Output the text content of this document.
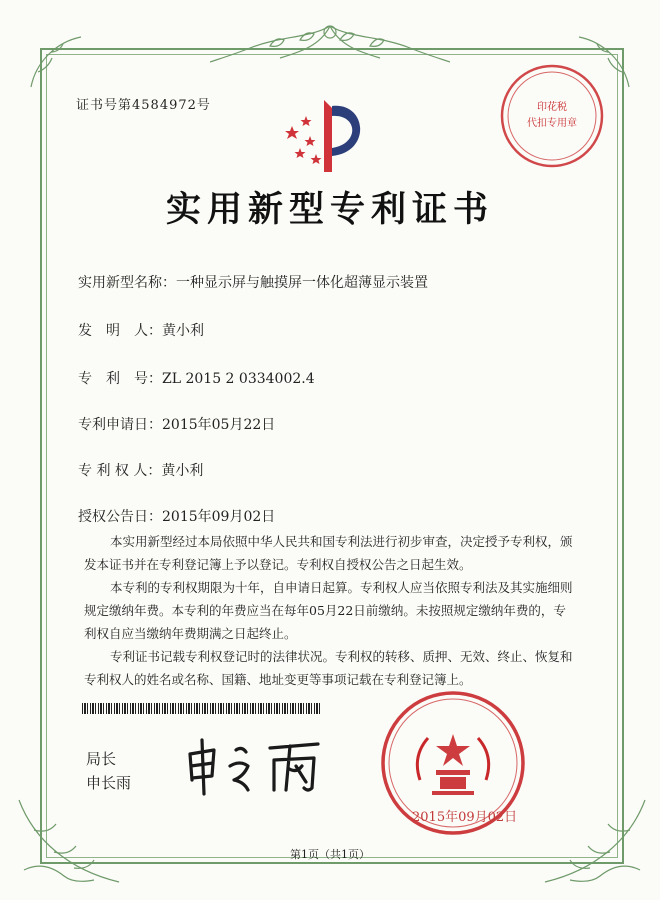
证书号第4584972号	印花税
代扣专用章
实用新型专利证书
实用新型名称：一种显示屏与触摸屏一体化超薄显示装置
发　明　人：黄小利
专　利　号：ZL 2015 2 0334002.4
专利申请日：2015年05月22日
专 利 权 人：黄小利
授权公告日：2015年09月02日

本实用新型经过本局依照中华人民共和国专利法进行初步审查，决定授予专利权，颁发本证书并在专利登记簿上予以登记。专利权自授权公告之日起生效。

本专利的专利权期限为十年，自申请日起算。专利权人应当依照专利法及其实施细则规定缴纳年费。本专利的年费应当在每年05月22日前缴纳。未按照规定缴纳年费的，专利权自应当缴纳年费期满之日起终止。

专利证书记载专利权登记时的法律状况。专利权的转移、质押、无效、终止、恢复和专利权人的姓名或名称、国籍、地址变更等事项记载在专利登记簿上。

局长
申长雨
2015年09月02日
第1页（共1页）
